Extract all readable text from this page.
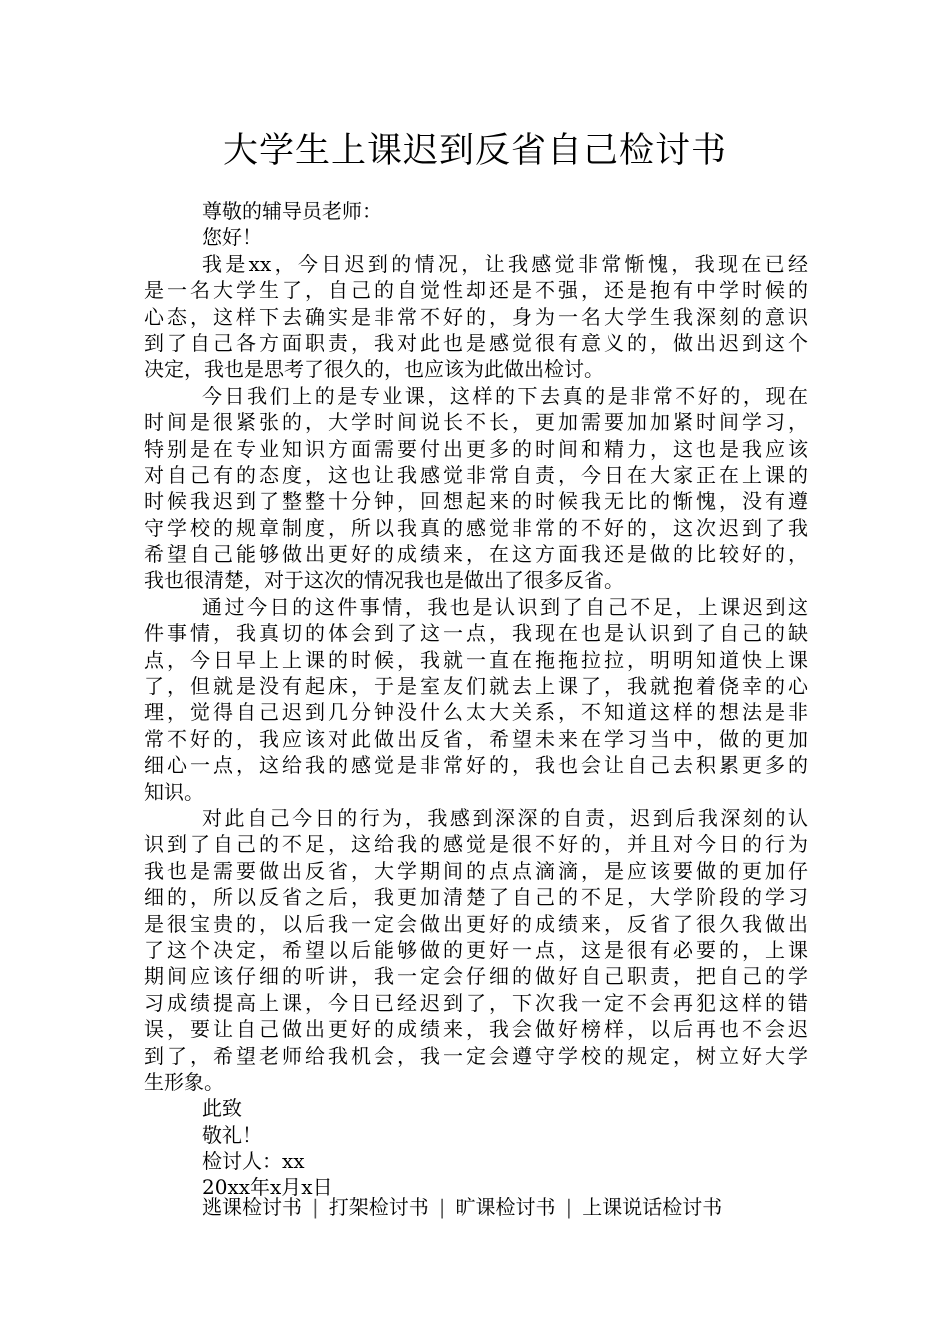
大学生上课迟到反省自己检讨书
尊敬的辅导员老师：
您好！
我是xx，今日迟到的情况，让我感觉非常惭愧，我现在已经
是一名大学生了，自己的自觉性却还是不强，还是抱有中学时候的
心态，这样下去确实是非常不好的，身为一名大学生我深刻的意识
到了自己各方面职责，我对此也是感觉很有意义的，做出迟到这个
决定，我也是思考了很久的，也应该为此做出检讨。
今日我们上的是专业课，这样的下去真的是非常不好的，现在
时间是很紧张的，大学时间说长不长，更加需要加加紧时间学习，
特别是在专业知识方面需要付出更多的时间和精力，这也是我应该
对自己有的态度，这也让我感觉非常自责，今日在大家正在上课的
时候我迟到了整整十分钟，回想起来的时候我无比的惭愧，没有遵
守学校的规章制度，所以我真的感觉非常的不好的，这次迟到了我
希望自己能够做出更好的成绩来，在这方面我还是做的比较好的，
我也很清楚，对于这次的情况我也是做出了很多反省。
通过今日的这件事情，我也是认识到了自己不足，上课迟到这
件事情，我真切的体会到了这一点，我现在也是认识到了自己的缺
点，今日早上上课的时候，我就一直在拖拖拉拉，明明知道快上课
了，但就是没有起床，于是室友们就去上课了，我就抱着侥幸的心
理，觉得自己迟到几分钟没什么太大关系，不知道这样的想法是非
常不好的，我应该对此做出反省，希望未来在学习当中，做的更加
细心一点，这给我的感觉是非常好的，我也会让自己去积累更多的
知识。
对此自己今日的行为，我感到深深的自责，迟到后我深刻的认
识到了自己的不足，这给我的感觉是很不好的，并且对今日的行为
我也是需要做出反省，大学期间的点点滴滴，是应该要做的更加仔
细的，所以反省之后，我更加清楚了自己的不足，大学阶段的学习
是很宝贵的，以后我一定会做出更好的成绩来，反省了很久我做出
了这个决定，希望以后能够做的更好一点，这是很有必要的，上课
期间应该仔细的听讲，我一定会仔细的做好自己职责，把自己的学
习成绩提高上课，今日已经迟到了，下次我一定不会再犯这样的错
误，要让自己做出更好的成绩来，我会做好榜样，以后再也不会迟
到了，希望老师给我机会，我一定会遵守学校的规定，树立好大学
生形象。
此致
敬礼！
检讨人：xx
20xx年x月x日
逃课检讨书 | 打架检讨书 | 旷课检讨书 | 上课说话检讨书
